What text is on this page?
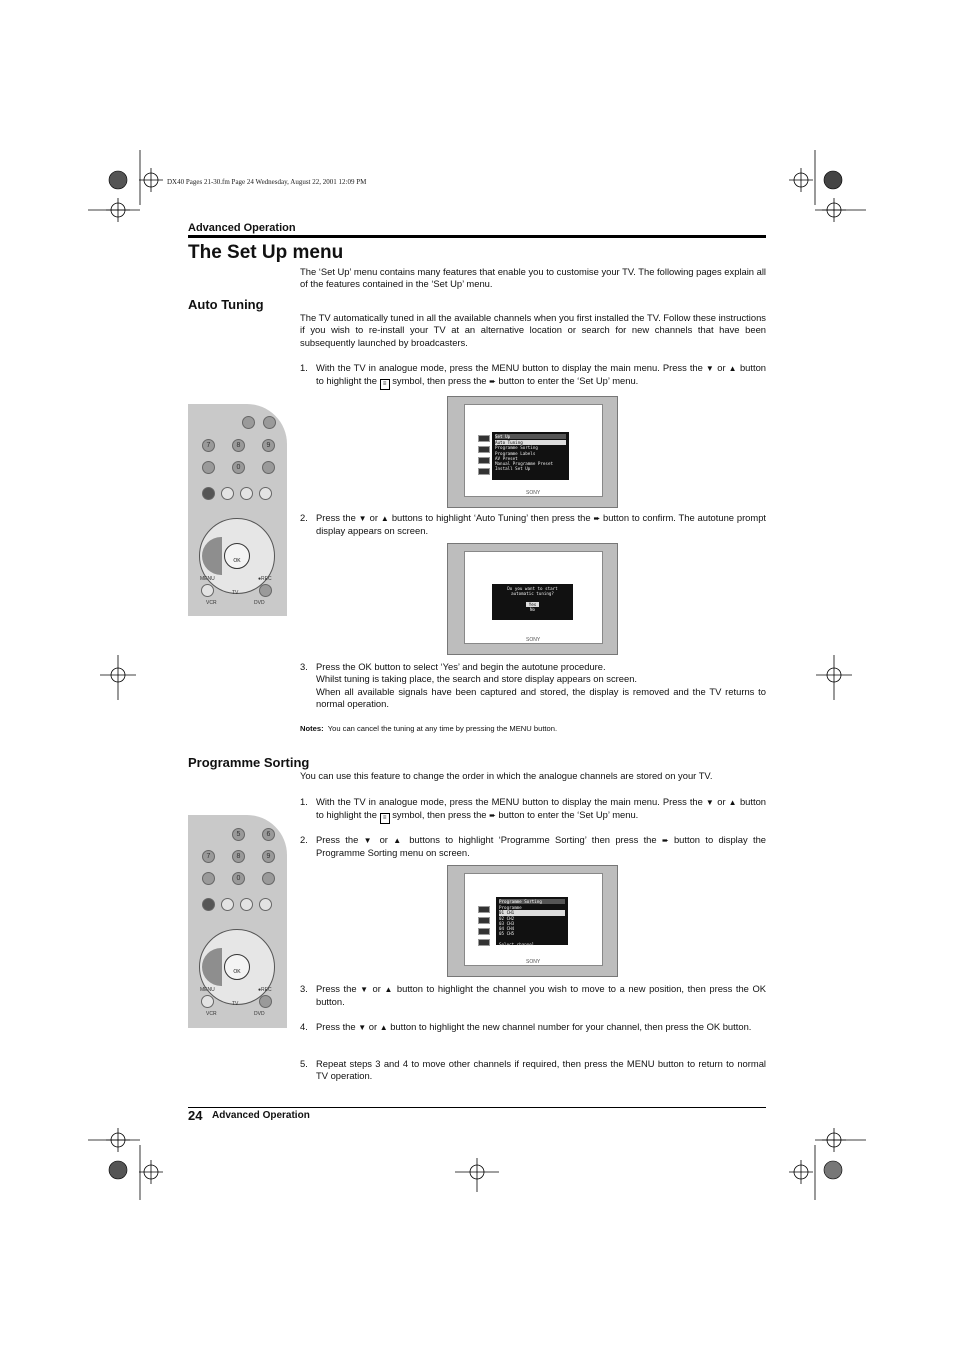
DX40 Pages 21-30.fm Page 24 Wednesday, August 22, 2001 12:09 PM
Advanced Operation
The Set Up menu
The ‘Set Up’ menu contains many features that enable you to customise your TV. The following pages explain all of the features contained in the ‘Set Up’ menu.
Auto Tuning
The TV automatically tuned in all the available channels when you first installed the TV. Follow these instructions if you wish to re-install your TV at an alternative location or search for new channels that have been subsequently launched by broadcasters.
1. With the TV in analogue mode, press the MENU button to display the main menu. Press the ▼ or ▲ button to highlight the ≡ symbol, then press the ➨ button to enter the ‘Set Up’ menu.
Set Up
Auto Tuning
Programme Sorting
Programme Labels
AV Preset
Manual Programme Preset
Install Set Up
SONY
2. Press the ▼ or ▲ buttons to highlight ‘Auto Tuning’ then press the ➨ button to confirm. The autotune prompt display appears on screen.
Do you want to start
automatic tuning?

Yes
No
SONY
3. Press the OK button to select ‘Yes’ and begin the autotune procedure.
Whilst tuning is taking place, the search and store display appears on screen.
When all available signals have been captured and stored, the display is removed and the TV returns to normal operation.
Notes: You can cancel the tuning at any time by pressing the MENU button.
Programme Sorting
You can use this feature to change the order in which the analogue channels are stored on your TV.
1. With the TV in analogue mode, press the MENU button to display the main menu. Press the ▼ or ▲ button to highlight the ≡ symbol, then press the ➨ button to enter the ‘Set Up’ menu.
2. Press the ▼ or ▲ buttons to highlight ‘Programme Sorting’ then press the ➨ button to display the Programme Sorting menu on screen.
Programme Sorting
Programme

01 CH1
02 CH2
03 CH3
04 CH4
05 CH5

Select channel
SONY
3. Press the ▼ or ▲ button to highlight the channel you wish to move to a new position, then press the OK button.
4. Press the ▼ or ▲ button to highlight the new channel number for your channel, then press the OK button.
5. Repeat steps 3 and 4 to move other channels if required, then press the MENU button to return to normal TV operation.
7	8	9
0
OK
MENU	●REC
TV
VCR	DVD
5	6
7	8	9
0
OK
MENU	●REC
TV
VCR	DVD
24 Advanced Operation
